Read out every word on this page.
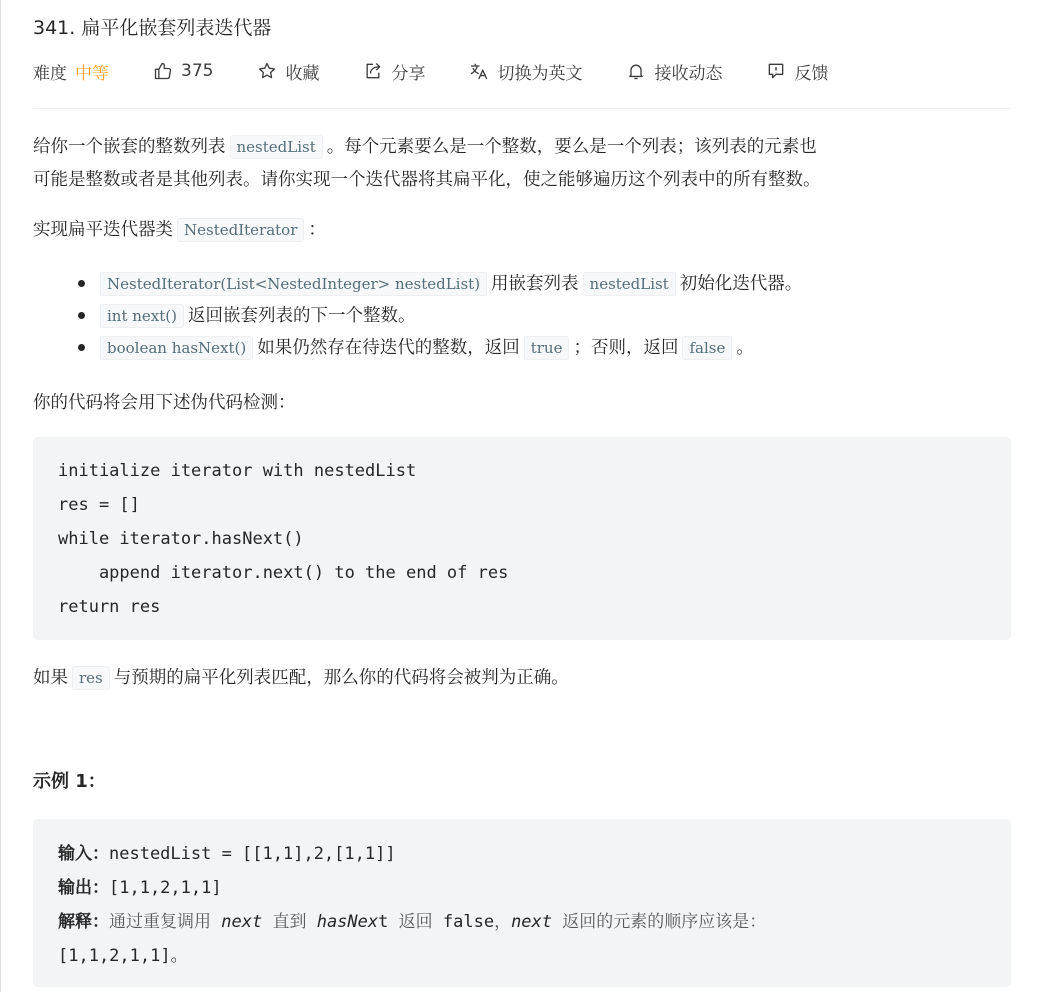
341. 扁平化嵌套列表迭代器
难度 中等	375	收藏	分享	切换为英文	接收动态	反馈
给你一个嵌套的整数列表 nestedList 。每个元素要么是一个整数，要么是一个列表；该列表的元素也
可能是整数或者是其他列表。请你实现一个迭代器将其扁平化，使之能够遍历这个列表中的所有整数。
实现扁平迭代器类 NestedIterator ：
NestedIterator(List<NestedInteger> nestedList) 用嵌套列表 nestedList 初始化迭代器。
int next() 返回嵌套列表的下一个整数。
boolean hasNext() 如果仍然存在待迭代的整数，返回 true ；否则，返回 false 。
你的代码将会用下述伪代码检测：
initialize iterator with nestedList
res = []
while iterator.hasNext()
append iterator.next() to the end of res
return res
如果 res 与预期的扁平化列表匹配，那么你的代码将会被判为正确。
示例 1：
输入：nestedList = [[1,1],2,[1,1]]
输出：[1,1,2,1,1]
解释：通过重复调用 next 直到 hasNext 返回 false，next 返回的元素的顺序应该是：
[1,1,2,1,1]。
